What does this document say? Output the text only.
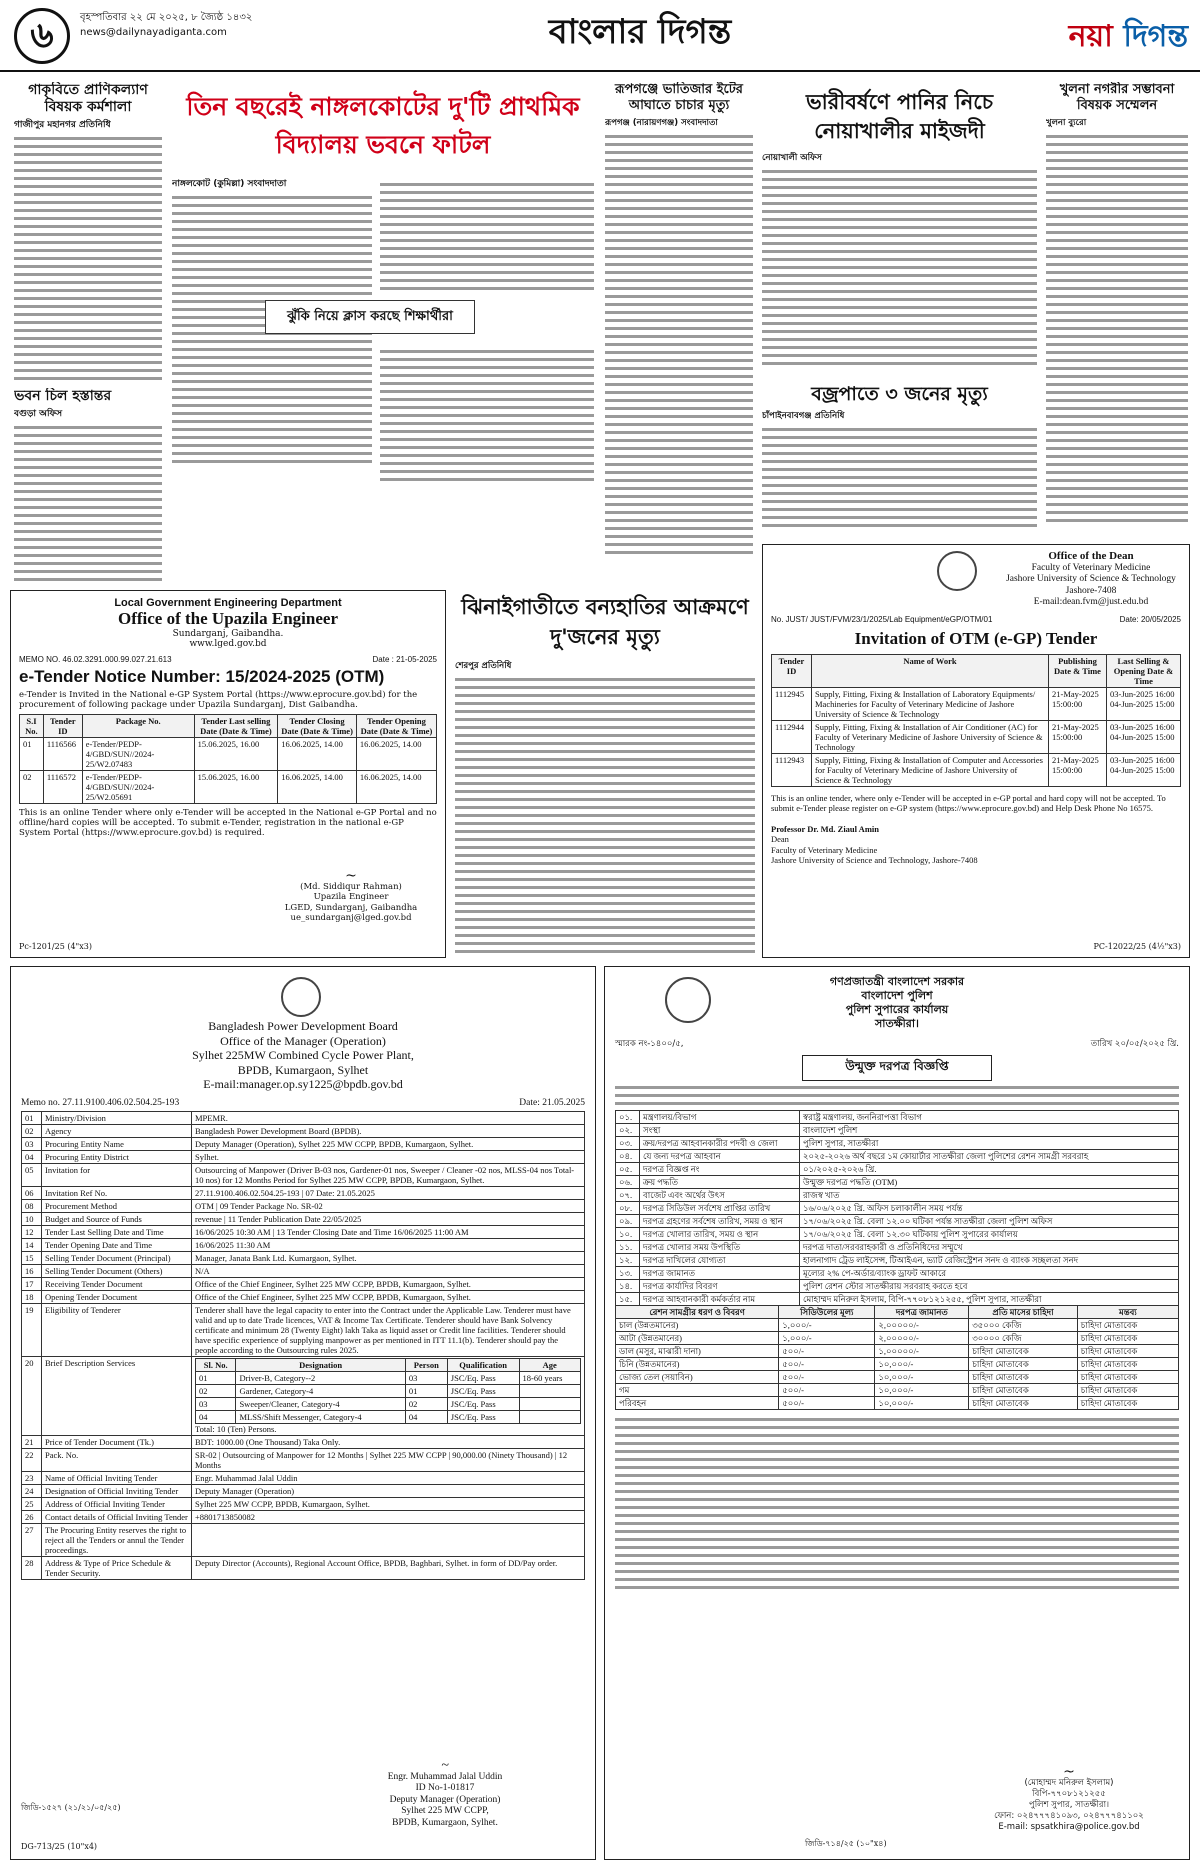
৬	বৃহস্পতিবার ২২ মে ২০২৫, ৮ জ্যৈষ্ঠ ১৪৩২
news@dailynayadiganta.com	বাংলার দিগন্ত	নয়া দিগন্ত
গাকৃবিতে প্রাণিকল্যাণ বিষয়ক কর্মশালা
গাজীপুর মহানগর প্রতিনিধি
ভবন চিল হস্তান্তর
বগুড়া অফিস
তিন বছরেই নাঙ্গলকোটের দু'টি প্রাথমিক বিদ্যালয় ভবনে ফাটল
নাঙ্গলকোট (কুমিল্লা) সংবাদদাতা
ঝুঁকি নিয়ে ক্লাস করছে শিক্ষার্থীরা
রূপগঞ্জে ভাতিজার ইটের আঘাতে চাচার মৃত্যু
রূপগঞ্জ (নারায়ণগঞ্জ) সংবাদদাতা
ভারীবর্ষণে পানির নিচে নোয়াখালীর মাইজদী
নোয়াখালী অফিস
বজ্রপাতে ৩ জনের মৃত্যু
চাঁপাইনবাবগঞ্জ প্রতিনিধি
খুলনা নগরীর সম্ভাবনা বিষয়ক সম্মেলন
খুলনা ব্যুরো
Local Government Engineering Department
Office of the Upazila Engineer
Sundarganj, Gaibandha.
www.lged.gov.bd
MEMO NO. 46.02.3291.000.99.027.21.613	Date : 21-05-2025
e-Tender Notice Number: 15/2024-2025 (OTM)
e-Tender is Invited in the National e-GP System Portal (https://www.eprocure.gov.bd) for the procurement of following package under Upazila Sundarganj, Dist Gaibandha.
S.I No.	Tender ID	Package No.	Tender Last selling Date (Date & Time)	Tender Closing Date (Date & Time)	Tender Opening Date (Date & Time)
01	1116566	e-Tender/PEDP-4/GBD/SUN//2024-25/W2.07483	15.06.2025, 16.00	16.06.2025, 14.00	16.06.2025, 14.00
02	1116572	e-Tender/PEDP-4/GBD/SUN//2024-25/W2.05691	15.06.2025, 16.00	16.06.2025, 14.00	16.06.2025, 14.00
This is an online Tender where only e-Tender will be accepted in the National e-GP Portal and no offline/hard copies will be accepted. To submit e-Tender, registration in the national e-GP System Portal (https://www.eprocure.gov.bd) is required.
~
(Md. Siddiqur Rahman)
Upazila Engineer
LGED, Sundarganj, Gaibandha
ue_sundarganj@lged.gov.bd
Pc-1201/25 (4"x3)
ঝিনাইগাতীতে বন্যহাতির আক্রমণে দু'জনের মৃত্যু
শেরপুর প্রতিনিধি
Office of the Dean
Faculty of Veterinary Medicine
Jashore University of Science & Technology
Jashore-7408
E-mail:dean.fvm@just.edu.bd
No. JUST/ JUST/FVM/23/1/2025/Lab Equipment/eGP/OTM/01	Date: 20/05/2025
Invitation of OTM (e-GP) Tender
Tender ID	Name of Work	Publishing Date & Time	Last Selling & Opening Date & Time
1112945	Supply, Fitting, Fixing & Installation of Laboratory Equipments/ Machineries for Faculty of Veterinary Medicine of Jashore University of Science & Technology	21-May-2025 15:00:00	03-Jun-2025 16:00 04-Jun-2025 15:00
1112944	Supply, Fitting, Fixing & Installation of Air Conditioner (AC) for Faculty of Veterinary Medicine of Jashore University of Science & Technology	21-May-2025 15:00:00	03-Jun-2025 16:00 04-Jun-2025 15:00
1112943	Supply, Fitting, Fixing & Installation of Computer and Accessories for Faculty of Veterinary Medicine of Jashore University of Science & Technology	21-May-2025 15:00:00	03-Jun-2025 16:00 04-Jun-2025 15:00
This is an online tender, where only e-Tender will be accepted in e-GP portal and hard copy will not be accepted. To submit e-Tender please register on e-GP system (https://www.eprocure.gov.bd) and Help Desk Phone No 16575.
Professor Dr. Md. Ziaul Amin
Dean
Faculty of Veterinary Medicine
Jashore University of Science and Technology, Jashore-7408
PC-12022/25 (4½"x3)
Bangladesh Power Development Board
Office of the Manager (Operation)
Sylhet 225MW Combined Cycle Power Plant,
BPDB, Kumargaon, Sylhet
E-mail:manager.op.sy1225@bpdb.gov.bd
Memo no. 27.11.9100.406.02.504.25-193	Date: 21.05.2025
01	Ministry/Division	MPEMR.
02	Agency	Bangladesh Power Development Board (BPDB).
03	Procuring Entity Name	Deputy Manager (Operation), Sylhet 225 MW CCPP, BPDB, Kumargaon, Sylhet.
04	Procuring Entity District	Sylhet.
05	Invitation for	Outsourcing of Manpower (Driver B-03 nos, Gardener-01 nos, Sweeper / Cleaner -02 nos, MLSS-04 nos Total-10 nos) for 12 Months Period for Sylhet 225 MW CCPP, BPDB, Kumargaon, Sylhet.
06	Invitation Ref No.	27.11.9100.406.02.504.25-193 | 07 Date: 21.05.2025
08	Procurement Method	OTM | 09 Tender Package No. SR-02
10	Budget and Source of Funds	revenue | 11 Tender Publication Date 22/05/2025
12	Tender Last Selling Date and Time	16/06/2025 10:30 AM | 13 Tender Closing Date and Time 16/06/2025 11:00 AM
14	Tender Opening Date and Time	16/06/2025 11:30 AM
15	Selling Tender Document (Principal)	Manager, Janata Bank Ltd. Kumargaon, Sylhet.
16	Selling Tender Document (Others)	N/A
17	Receiving Tender Document	Office of the Chief Engineer, Sylhet 225 MW CCPP, BPDB, Kumargaon, Sylhet.
18	Opening Tender Document	Office of the Chief Engineer, Sylhet 225 MW CCPP, BPDB, Kumargaon, Sylhet.
19	Eligibility of Tenderer	Tenderer shall have the legal capacity to enter into the Contract under the Applicable Law. Tenderer must have valid and up to date Trade licences, VAT & Income Tax Certificate. Tenderer should have Bank Solvency certificate and minimum 28 (Twenty Eight) lakh Taka as liquid asset or Credit line facilities. Tenderer should have specific experience of supplying manpower as per mentioned in ITT 11.1(b). Tenderer should pay the people according to the Outsourcing rules 2025.
20	Brief Description Services		Sl. No.	Designation	Person	Qualification	Age
01	Driver-B, Category--2	03	JSC/Eq. Pass	18-60 years
02	Gardener, Category-4	01	JSC/Eq. Pass	
03	Sweeper/Cleaner, Category-4	02	JSC/Eq. Pass	
04	MLSS/Shift Messenger, Category-4	04	JSC/Eq. Pass	
Total: 10 (Ten) Persons.
21	Price of Tender Document (Tk.)	BDT: 1000.00 (One Thousand) Taka Only.
22	Pack. No.	SR-02 | Outsourcing of Manpower for 12 Months | Sylhet 225 MW CCPP | 90,000.00 (Ninety Thousand) | 12 Months
23	Name of Official Inviting Tender	Engr. Muhammad Jalal Uddin
24	Designation of Official Inviting Tender	Deputy Manager (Operation)
25	Address of Official Inviting Tender	Sylhet 225 MW CCPP, BPDB, Kumargaon, Sylhet.
26	Contact details of Official Inviting Tender	+8801713850082
27	The Procuring Entity reserves the right to reject all the Tenders or annul the Tender proceedings.	
28	Address & Type of Price Schedule & Tender Security.	Deputy Director (Accounts), Regional Account Office, BPDB, Baghbari, Sylhet. in form of DD/Pay order.
~
Engr. Muhammad Jalal Uddin
ID No-1-01817
Deputy Manager (Operation)
Sylhet 225 MW CCPP,
BPDB, Kumargaon, Sylhet.
জিডি-১৫২৭ (২১/২১/০৫/২৫)
DG-713/25 (10"x4)
গণপ্রজাতন্ত্রী বাংলাদেশ সরকার
বাংলাদেশ পুলিশ
পুলিশ সুপারের কার্যালয়
সাতক্ষীরা।
স্মারক নং-১৪০০/৫,	তারিখ ২০/০৫/২০২৫ খ্রি.
উন্মুক্ত দরপত্র বিজ্ঞপ্তি
০১.	মন্ত্রণালয়/বিভাগ	স্বরাষ্ট্র মন্ত্রণালয়, জননিরাপত্তা বিভাগ
০২.	সংস্থা	বাংলাদেশ পুলিশ
০৩.	ক্রয়/দরপত্র আহবানকারীর পদবী ও জেলা	পুলিশ সুপার, সাতক্ষীরা
০৪.	যে জন্য দরপত্র আহবান	২০২৫-২০২৬ অর্থ বছরে ১ম কোয়ার্টার সাতক্ষীরা জেলা পুলিশের রেশন সামগ্রী সরবরাহ
০৫.	দরপত্র বিজ্ঞপ্ত নং	০১/২০২৫-২০২৬ খ্রি.
০৬.	ক্রয় পদ্ধতি	উন্মুক্ত দরপত্র পদ্ধতি (OTM)
০৭.	বাজেট এবং অর্থের উৎস	রাজস্ব খাত
০৮.	দরপত্র সিডিউল সর্বশেষ প্রাপ্তির তারিখ	১৬/০৬/২০২৫ খ্রি. অফিস চলাকালীন সময় পর্যন্ত
০৯.	দরপত্র গ্রহণের সর্বশেষ তারিখ, সময় ও স্থান	১৭/০৬/২০২৫ খ্রি. বেলা ১২.০০ ঘটিকা পর্যন্ত সাতক্ষীরা জেলা পুলিশ অফিস
১০.	দরপত্র খোলার তারিখ, সময় ও স্থান	১৭/০৬/২০২৫ খ্রি. বেলা ১২.৩০ ঘটিকায় পুলিশ সুপারের কার্যালয়
১১.	দরপত্র খোলার সময় উপস্থিতি	দরপত্র দাতা/সরবরাহকারী ও প্রতিনিধিদের সম্মুখে
১২.	দরপত্র দাখিলের যোগ্যতা	হালনাগাদ ট্রেড লাইসেন্স, টিআইএন, ভ্যাট রেজিস্ট্রেশন সনদ ও ব্যাংক সচ্ছলতা সনদ
১৩.	দরপত্র জামানত	মূল্যের ২% পে-অর্ডার/ব্যাংক ড্রাফট আকারে
১৪.	দরপত্র কার্যাদির বিবরণ	পুলিশ রেশন স্টোর সাতক্ষীরায় সরবরাহ করতে হবে
১৫.	দরপত্র আহবানকারী কর্মকর্তার নাম	মোহাম্মদ মনিরুল ইসলাম, বিপি-৭৭০৮১২১২৫৫, পুলিশ সুপার, সাতক্ষীরা
রেশন সামগ্রীর ধরণ ও বিবরণ	সিডিউলের মূল্য	দরপত্র জামানত	প্রতি মাসের চাহিদা	মন্তব্য
চাল (উন্নতমানের)	১,০০০/-	২,০০০০০/-	৩৫০০০ কেজি	চাহিদা মোতাবেক
আটা (উন্নতমানের)	১,০০০/-	২,০০০০০/-	৩০০০০ কেজি	চাহিদা মোতাবেক
ডাল (মসুর, মাঝারী দানা)	৫০০/-	১,০০০০০/-	চাহিদা মোতাবেক	চাহিদা মোতাবেক
চিনি (উন্নতমানের)	৫০০/-	১০,০০০/-	চাহিদা মোতাবেক	চাহিদা মোতাবেক
ভোজ্য তেল (সয়াবিন)	৫০০/-	১০,০০০/-	চাহিদা মোতাবেক	চাহিদা মোতাবেক
গম	৫০০/-	১০,০০০/-	চাহিদা মোতাবেক	চাহিদা মোতাবেক
পরিবহন	৫০০/-	১০,০০০/-	চাহিদা মোতাবেক	চাহিদা মোতাবেক
~
(মোহাম্মদ মনিরুল ইসলাম)
বিপি-৭৭০৮১২১২৫৫
পুলিশ সুপার, সাতক্ষীরা।
ফোন: ০২৪৭৭৭৪১০৯৩, ০২৪৭৭৭৪১১০২
E-mail: spsatkhira@police.gov.bd
জিডি-৭১৪/২৫ (১০"x৪)
